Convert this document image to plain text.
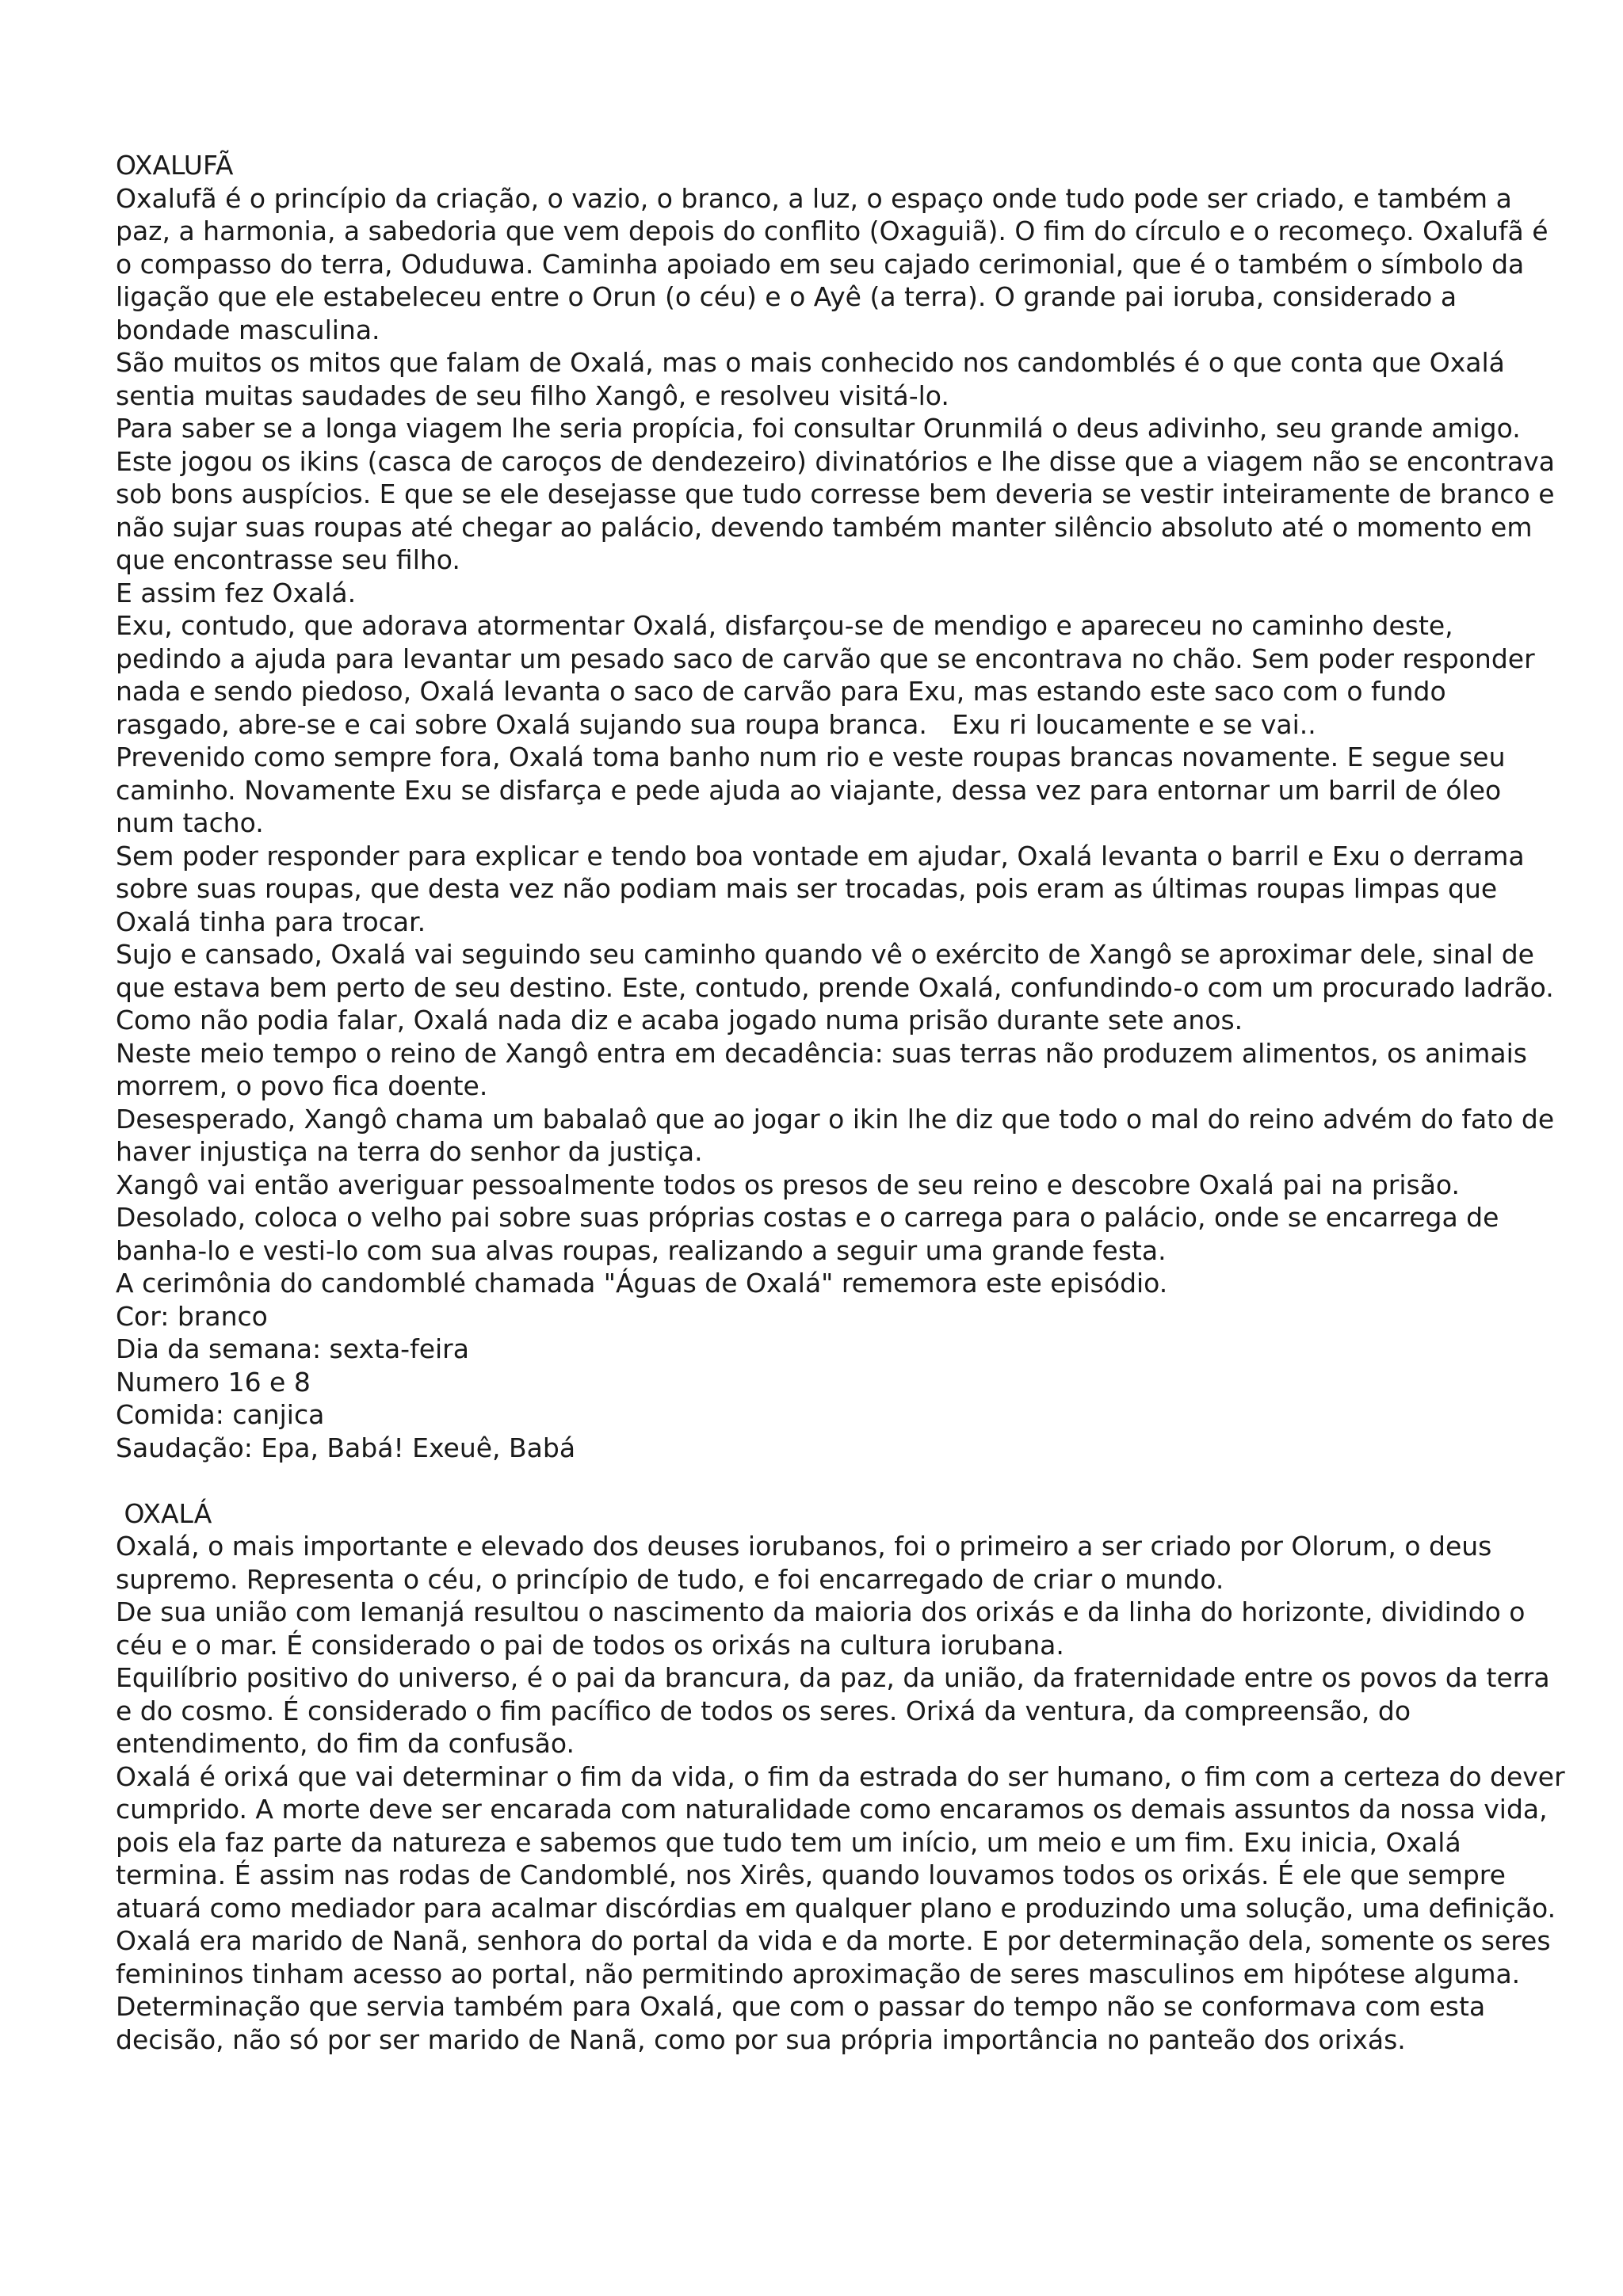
OXALUFÃ

Oxalufã é o princípio da criação, o vazio, o branco, a luz, o espaço onde tudo pode ser criado, e também a paz, a harmonia, a sabedoria que vem depois do conflito (Oxaguiã). O fim do círculo e o recomeço. Oxalufã é o compasso do terra, Oduduwa. Caminha apoiado em seu cajado cerimonial, que é o também o símbolo da ligação que ele estabeleceu entre o Orun (o céu) e o Ayê (a terra). O grande pai ioruba, considerado a bondade masculina.

São muitos os mitos que falam de Oxalá, mas o mais conhecido nos candomblés é o que conta que Oxalá sentia muitas saudades de seu filho Xangô, e resolveu visitá-lo.

Para saber se a longa viagem lhe seria propícia, foi consultar Orunmilá o deus adivinho, seu grande amigo. Este jogou os ikins (casca de caroços de dendezeiro) divinatórios e lhe disse que a viagem não se encontrava sob bons auspícios. E que se ele desejasse que tudo corresse bem deveria se vestir inteiramente de branco e não sujar suas roupas até chegar ao palácio, devendo também manter silêncio absoluto até o momento em que encontrasse seu filho.

E assim fez Oxalá.

Exu, contudo, que adorava atormentar Oxalá, disfarçou-se de mendigo e apareceu no caminho deste, pedindo a ajuda para levantar um pesado saco de carvão que se encontrava no chão. Sem poder responder nada e sendo piedoso, Oxalá levanta o saco de carvão para Exu, mas estando este saco com o fundo rasgado, abre-se e cai sobre Oxalá sujando sua roupa branca.   Exu ri loucamente e se vai..

Prevenido como sempre fora, Oxalá toma banho num rio e veste roupas brancas novamente. E segue seu caminho. Novamente Exu se disfarça e pede ajuda ao viajante, dessa vez para entornar um barril de óleo num tacho.

Sem poder responder para explicar e tendo boa vontade em ajudar, Oxalá levanta o barril e Exu o derrama sobre suas roupas, que desta vez não podiam mais ser trocadas, pois eram as últimas roupas limpas que Oxalá tinha para trocar.

Sujo e cansado, Oxalá vai seguindo seu caminho quando vê o exército de Xangô se aproximar dele, sinal de que estava bem perto de seu destino. Este, contudo, prende Oxalá, confundindo-o com um procurado ladrão. Como não podia falar, Oxalá nada diz e acaba jogado numa prisão durante sete anos.

Neste meio tempo o reino de Xangô entra em decadência: suas terras não produzem alimentos, os animais morrem, o povo fica doente.

Desesperado, Xangô chama um babalaô que ao jogar o ikin lhe diz que todo o mal do reino advém do fato de haver injustiça na terra do senhor da justiça.

Xangô vai então averiguar pessoalmente todos os presos de seu reino e descobre Oxalá pai na prisão. Desolado, coloca o velho pai sobre suas próprias costas e o carrega para o palácio, onde se encarrega de banha-lo e vesti-lo com sua alvas roupas, realizando a seguir uma grande festa.

A cerimônia do candomblé chamada "Águas de Oxalá" rememora este episódio.

Cor: branco

Dia da semana: sexta-feira

Numero 16 e 8

Comida: canjica

Saudação: Epa, Babá! Exeuê, Babá

OXALÁ

Oxalá, o mais importante e elevado dos deuses iorubanos, foi o primeiro a ser criado por Olorum, o deus supremo. Representa o céu, o princípio de tudo, e foi encarregado de criar o mundo.

De sua união com Iemanjá resultou o nascimento da maioria dos orixás e da linha do horizonte, dividindo o céu e o mar. É considerado o pai de todos os orixás na cultura iorubana.

Equilíbrio positivo do universo, é o pai da brancura, da paz, da união, da fraternidade entre os povos da terra e do cosmo. É considerado o fim pacífico de todos os seres. Orixá da ventura, da compreensão, do entendimento, do fim da confusão.

Oxalá é orixá que vai determinar o fim da vida, o fim da estrada do ser humano, o fim com a certeza do dever cumprido. A morte deve ser encarada com naturalidade como encaramos os demais assuntos da nossa vida, pois ela faz parte da natureza e sabemos que tudo tem um início, um meio e um fim. Exu inicia, Oxalá termina. É assim nas rodas de Candomblé, nos Xirês, quando louvamos todos os orixás. É ele que sempre atuará como mediador para acalmar discórdias em qualquer plano e produzindo uma solução, uma definição.

Oxalá era marido de Nanã, senhora do portal da vida e da morte. E por determinação dela, somente os seres femininos tinham acesso ao portal, não permitindo aproximação de seres masculinos em hipótese alguma. Determinação que servia também para Oxalá, que com o passar do tempo não se conformava com esta decisão, não só por ser marido de Nanã, como por sua própria importância no panteão dos orixás.
